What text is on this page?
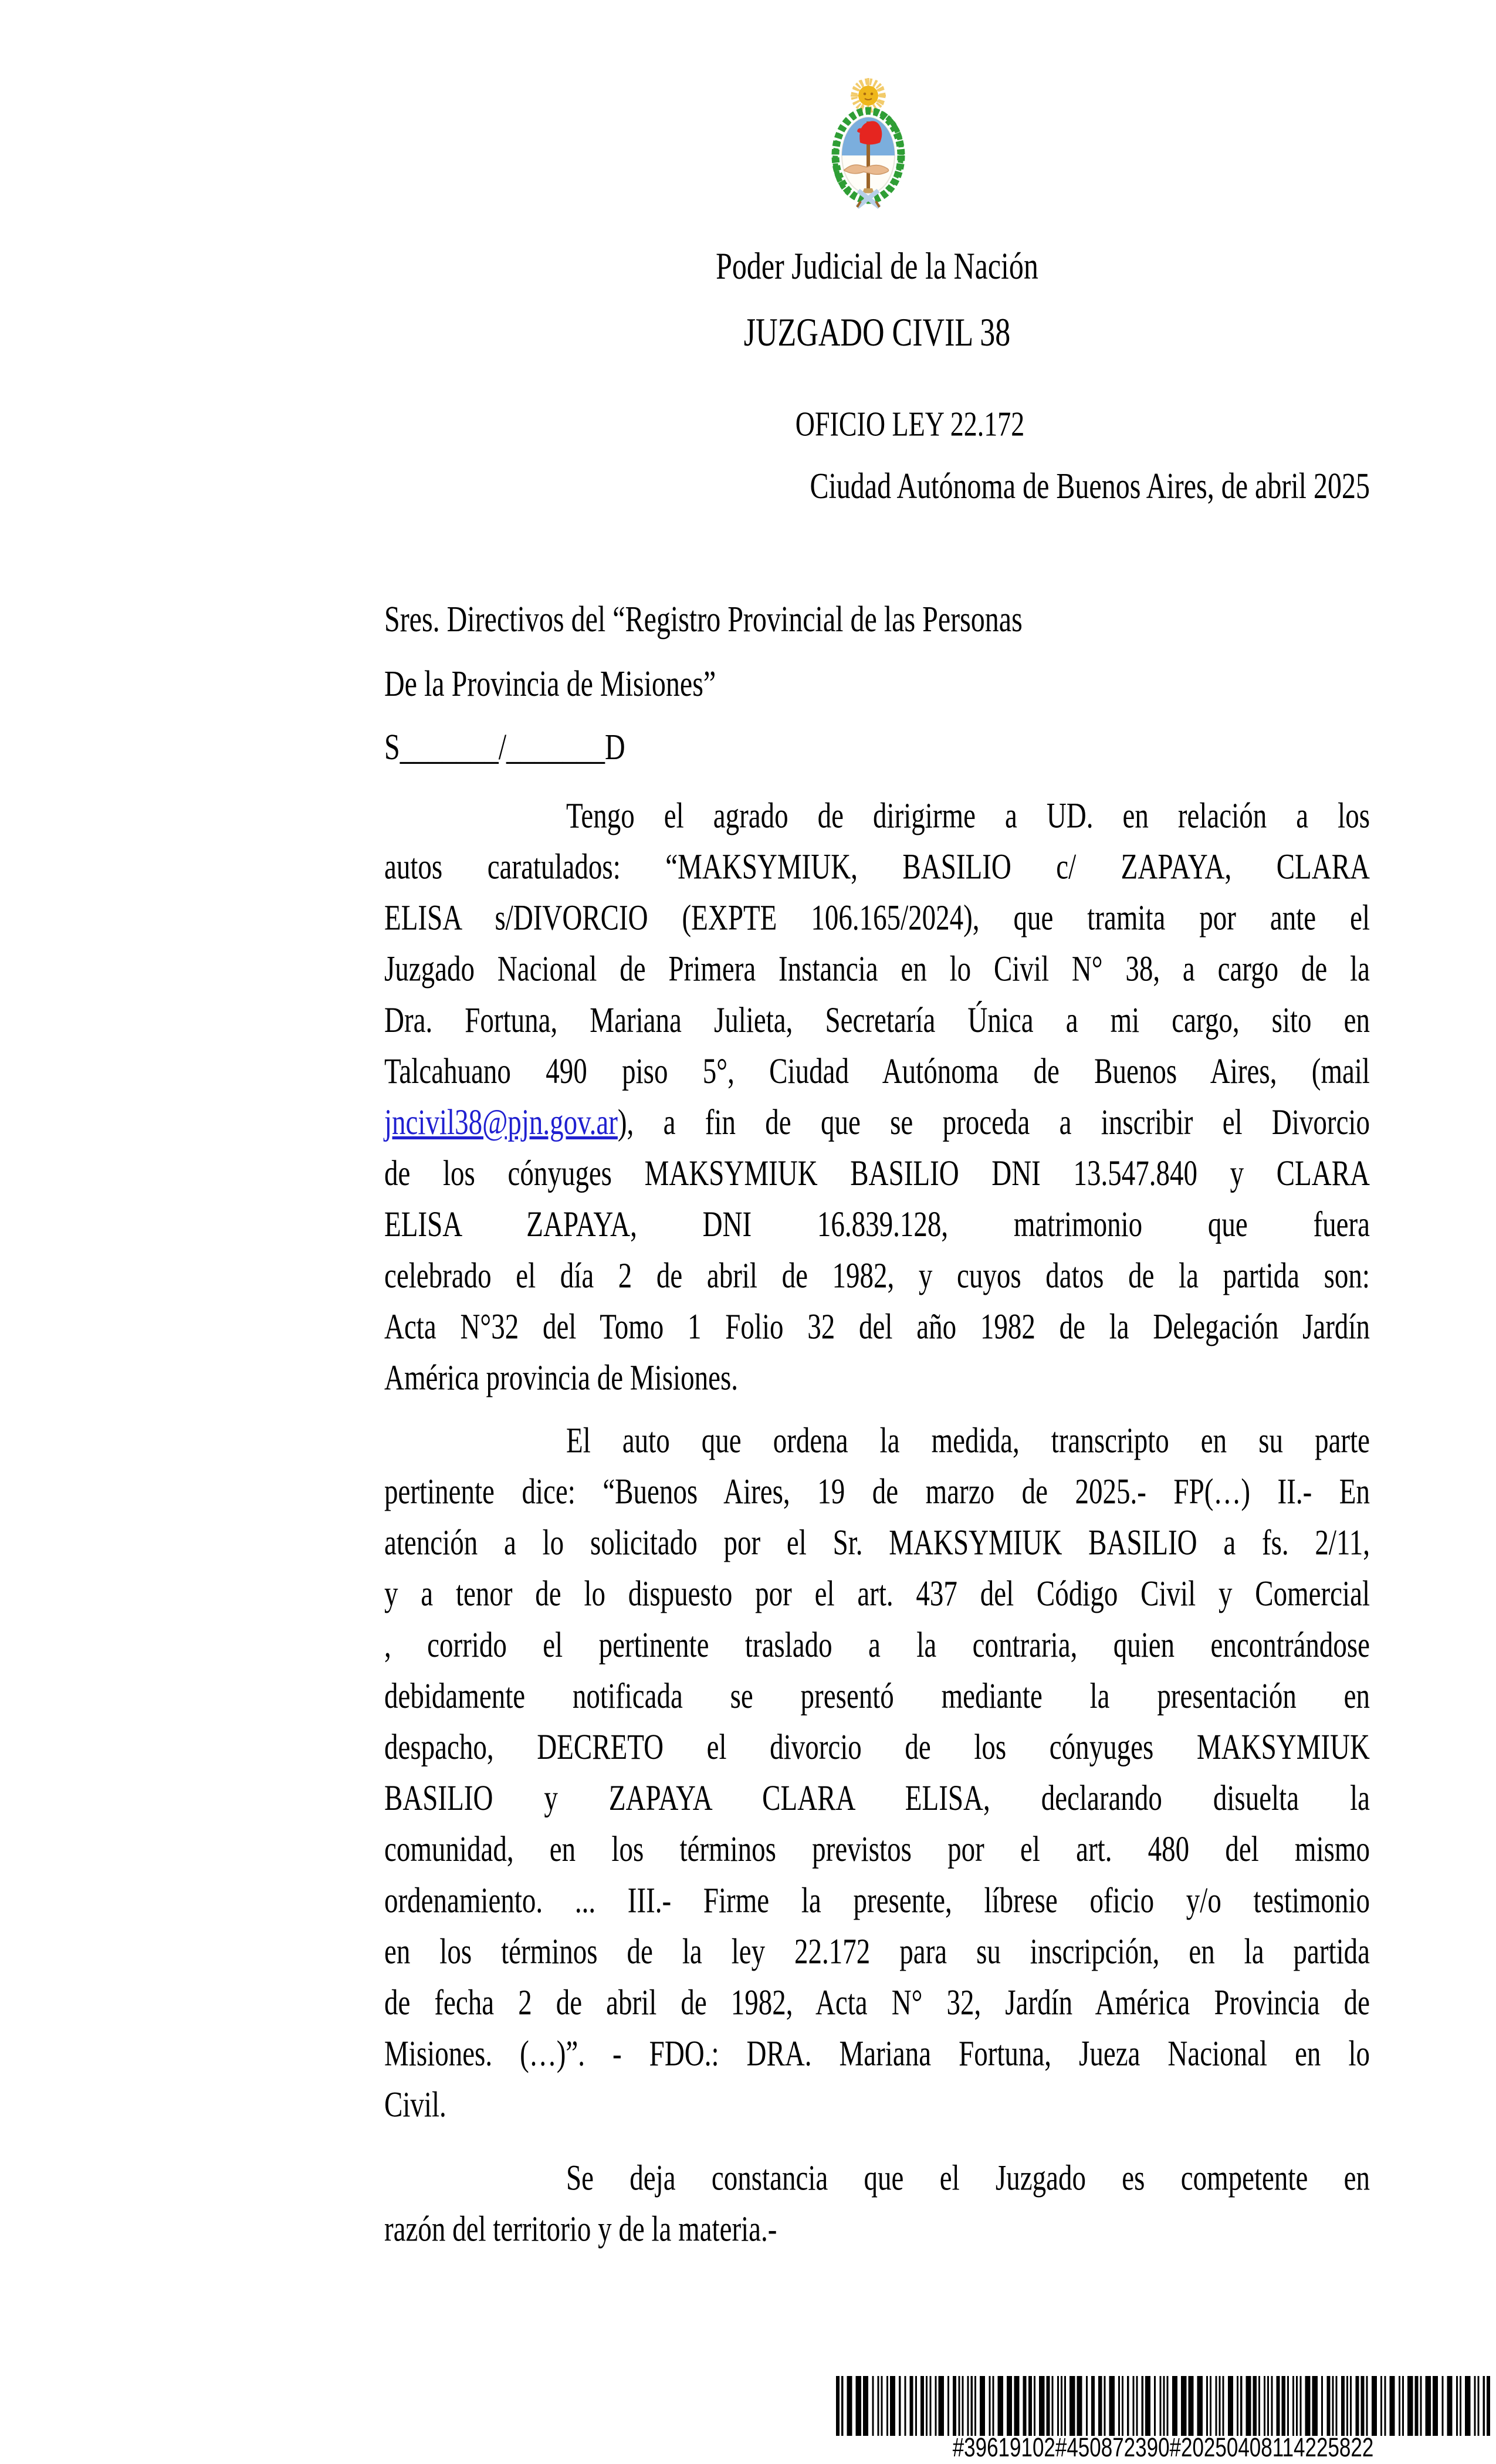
Poder Judicial de la Nación
JUZGADO CIVIL 38
OFICIO LEY 22.172
Ciudad Autónoma de Buenos Aires, de abril 2025
Sres. Directivos del “Registro Provincial de las Personas
De la Provincia de Misiones”
S_______/_______D
Tengo el agrado de dirigirme a UD. en relación a los
autos caratulados: “MAKSYMIUK, BASILIO c/ ZAPAYA, CLARA
ELISA s/DIVORCIO (EXPTE 106.165/2024), que tramita por ante el
Juzgado Nacional de Primera Instancia en lo Civil N° 38, a cargo de la
Dra. Fortuna, Mariana Julieta, Secretaría Única a mi cargo, sito en
Talcahuano 490 piso 5°, Ciudad Autónoma de Buenos Aires, (mail
jncivil38@pjn.gov.ar), a fin de que se proceda a inscribir el Divorcio
de los cónyuges MAKSYMIUK BASILIO DNI 13.547.840 y CLARA
ELISA ZAPAYA, DNI 16.839.128, matrimonio que fuera
celebrado el día 2 de abril de 1982, y cuyos datos de la partida son:
Acta N°32 del Tomo 1 Folio 32 del año 1982 de la Delegación Jardín
América provincia de Misiones.
El auto que ordena la medida, transcripto en su parte
pertinente dice: “Buenos Aires, 19 de marzo de 2025.- FP(…) II.- En
atención a lo solicitado por el Sr. MAKSYMIUK BASILIO a fs. 2/11,
y a tenor de lo dispuesto por el art. 437 del Código Civil y Comercial
, corrido el pertinente traslado a la contraria, quien encontrándose
debidamente notificada se presentó mediante la presentación en
despacho, DECRETO el divorcio de los cónyuges MAKSYMIUK
BASILIO y ZAPAYA CLARA ELISA, declarando disuelta la
comunidad, en los términos previstos por el art. 480 del mismo
ordenamiento. ... III.- Firme la presente, líbrese oficio y/o testimonio
en los términos de la ley 22.172 para su inscripción, en la partida
de fecha 2 de abril de 1982, Acta N° 32, Jardín América Provincia de
Misiones. (…)”. - FDO.: DRA. Mariana Fortuna, Jueza Nacional en lo
Civil.
Se deja constancia que el Juzgado es competente en
razón del territorio y de la materia.-
#39619102#450872390#20250408114225822
